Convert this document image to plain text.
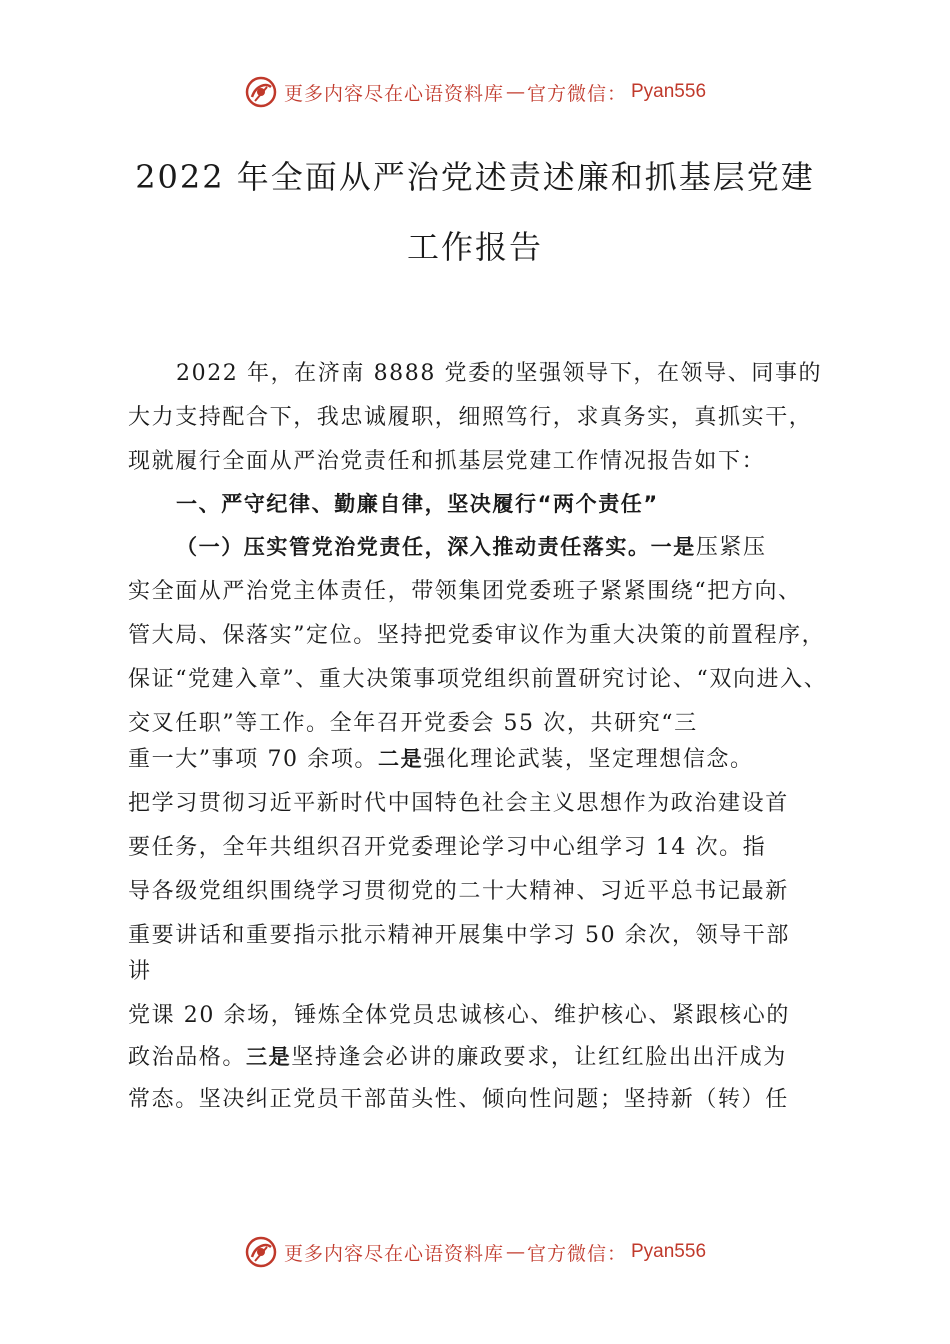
更多内容尽在心语资料库 — 官方微信： Pyan556
2022 年全面从严治党述责述廉和抓基层党建
工作报告
2022 年，在济南 8888 党委的坚强领导下，在领导、同事的
大力支持配合下，我忠诚履职，细照笃行，求真务实，真抓实干，
现就履行全面从严治党责任和抓基层党建工作情况报告如下：
一、严守纪律、勤廉自律，坚决履行“两个责任”
（一）压实管党治党责任，深入推动责任落实。一是压紧压
实全面从严治党主体责任，带领集团党委班子紧紧围绕“把方向、
管大局、保落实”定位。坚持把党委审议作为重大决策的前置程序，
保证“党建入章”、重大决策事项党组织前置研究讨论、“双向进入、
交叉任职”等工作。全年召开党委会 55 次，共研究“三
重一大”事项 70 余项。二是强化理论武装，坚定理想信念。
把学习贯彻习近平新时代中国特色社会主义思想作为政治建设首
要任务，全年共组织召开党委理论学习中心组学习 14 次。指
导各级党组织围绕学习贯彻党的二十大精神、习近平总书记最新
重要讲话和重要指示批示精神开展集中学习 50 余次，领导干部
讲
党课 20 余场，锤炼全体党员忠诚核心、维护核心、紧跟核心的
政治品格。三是坚持逢会必讲的廉政要求，让红红脸出出汗成为
常态。坚决纠正党员干部苗头性、倾向性问题；坚持新（转）任
更多内容尽在心语资料库 — 官方微信： Pyan556
